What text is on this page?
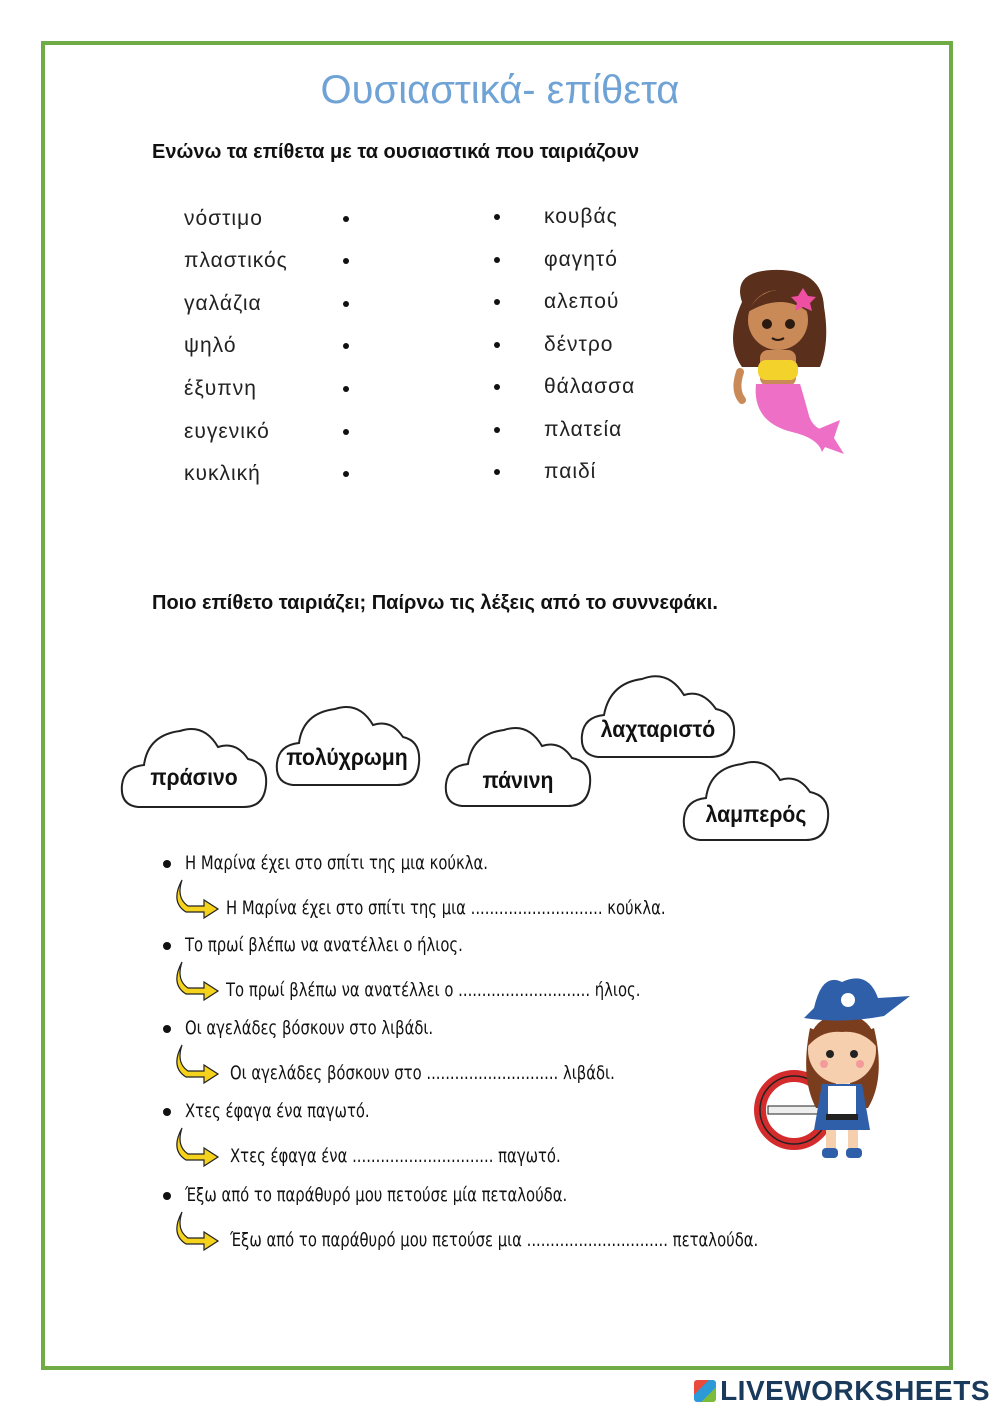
Ουσιαστικά- επίθετα
Ενώνω τα επίθετα με τα ουσιαστικά που ταιριάζουν
νόστιμο
πλαστικός
γαλάζια
ψηλό
έξυπνη
ευγενικό
κυκλική
κουβάς
φαγητό
αλεπού
δέντρο
θάλασσα
πλατεία
παιδί
Ποιο επίθετο ταιριάζει; Παίρνω τις λέξεις από το συννεφάκι.
πράσινο
πολύχρωμη
πάνινη
λαχταριστό
λαμπερός
Η Μαρίνα έχει στο σπίτι της μια κούκλα.
Η Μαρίνα έχει στο σπίτι της μια ............................ κούκλα.
Το πρωί βλέπω να ανατέλλει ο ήλιος.
Το πρωί βλέπω να ανατέλλει ο ............................ ήλιος.
Οι αγελάδες βόσκουν στο λιβάδι.
Οι αγελάδες βόσκουν στο ............................ λιβάδι.
Χτες έφαγα ένα παγωτό.
Χτες έφαγα ένα .............................. παγωτό.
Έξω από το παράθυρό μου πετούσε μία πεταλούδα.
Έξω από το παράθυρό μου πετούσε μια .............................. πεταλούδα.
LIVEWORKSHEETS
